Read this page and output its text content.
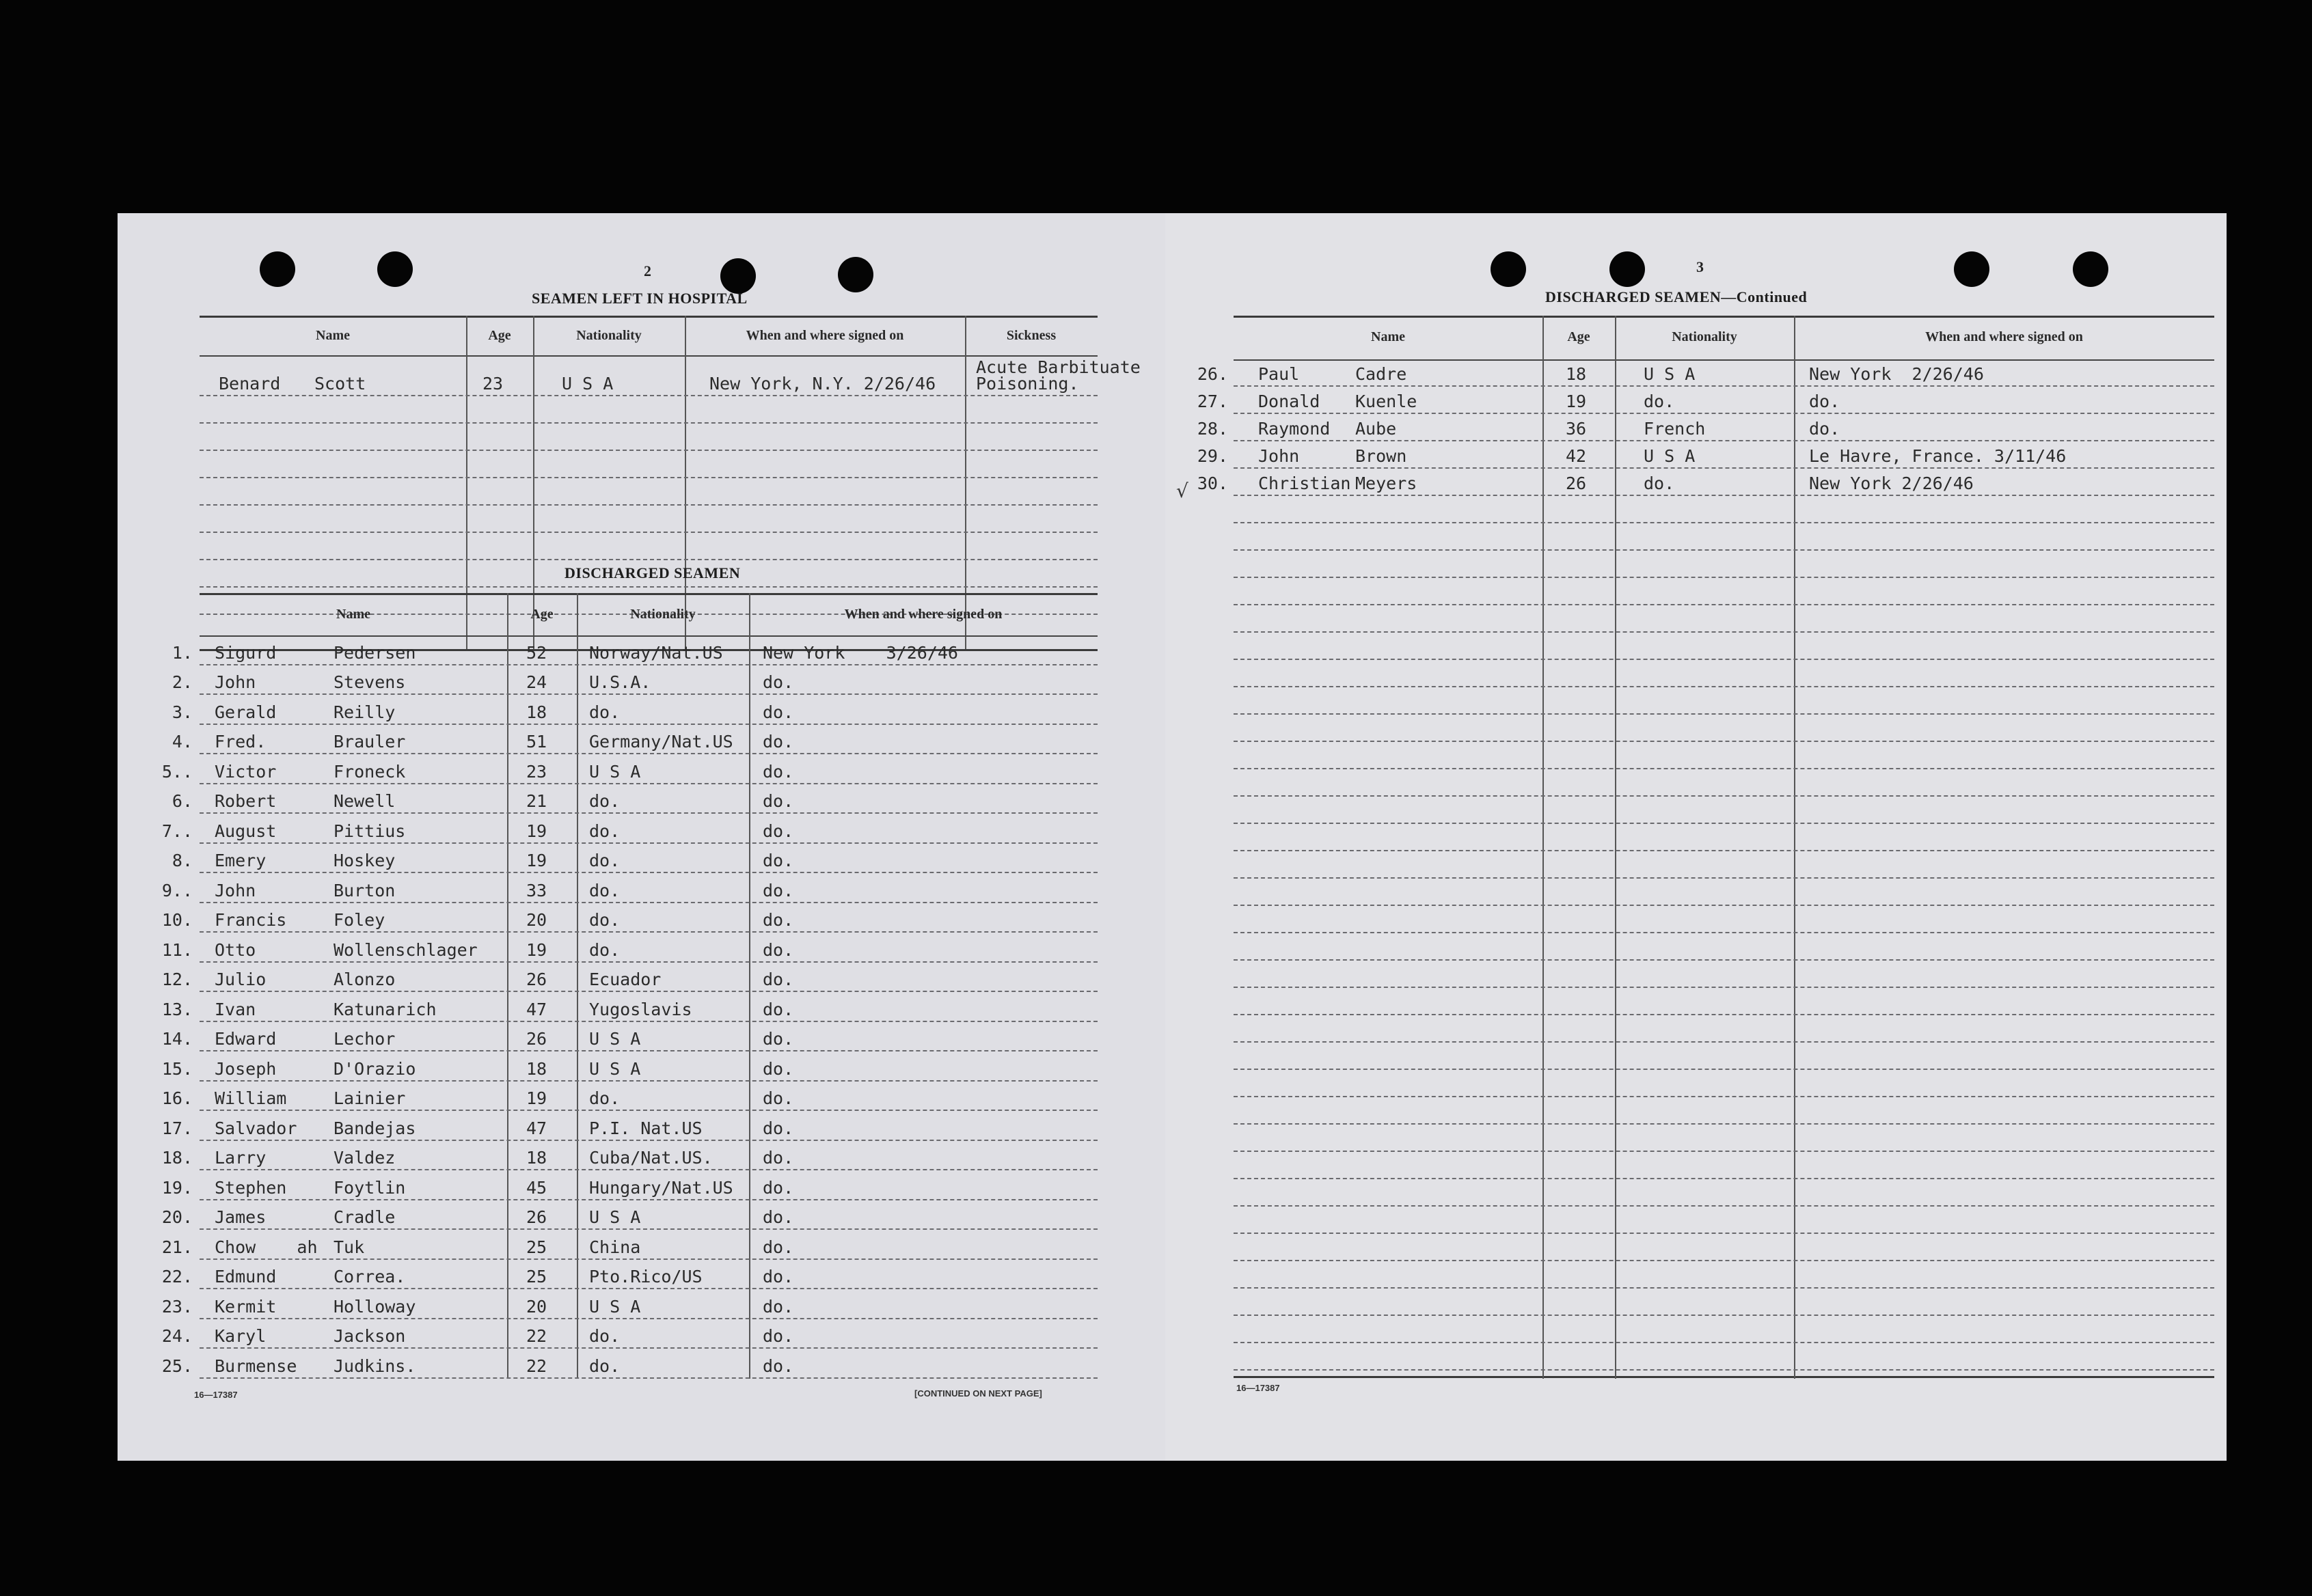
2
SEAMEN LEFT IN HOSPITAL
Name	Age	Nationality	When and where signed on	Sickness
Benard Scott	23	U S A	New York, N.Y. 2/26/46
Acute Barbituate
Poisoning.
DISCHARGED SEAMEN
Name	Age	Nationality	When and where signed on
1. Sigurd	Pedersen	52 Norway/Nat.US New York    3/26/46
2. John	Stevens	24 U.S.A.	do.
3. Gerald	Reilly	18 do.	do.
4. Fred.	Brauler	51 Germany/Nat.US do.
5.. Victor	Froneck	23 U S A	do.
6. Robert	Newell	21 do.	do.
7.. August	Pittius	19 do.	do.
8. Emery	Hoskey	19 do.	do.
9.. John	Burton	33 do.	do.
10. Francis	Foley	20 do.	do.
11. Otto	Wollenschlager	19 do.	do.
12. Julio	Alonzo	26 Ecuador	do.
13. Ivan	Katunarich	47 Yugoslavis	do.
14. Edward	Lechor	26 U S A	do.
15. Joseph	D'Orazio	18 U S A	do.
16. William	Lainier	19 do.	do.
17. Salvador Bandejas	47 P.I. Nat.US	do.
18. Larry	Valdez	18 Cuba/Nat.US.	do.
19. Stephen	Foytlin	45 Hungary/Nat.US do.
20. James	Cradle	26 U S A	do.
21. Chow    ah Tuk	25 China	do.
22. Edmund	Correa.	25 Pto.Rico/US	do.
23. Kermit	Holloway	20 U S A	do.
24. Karyl	Jackson	22 do.	do.
25. Burmense Judkins.	22 do.	do.
16—17387	[CONTINUED ON NEXT PAGE]
3
DISCHARGED SEAMEN—Continued
Name	Age	Nationality	When and where signed on
26. Paul	Cadre	18	U S A	New York  2/26/46
27. Donald Kuenle	19	do.	do.
28. Raymond Aube	36	French	do.
29. John	Brown	42	U S A	Le Havre, France. 3/11/46
30. Christian Meyers	26	do.	New York 2/26/46
√
16—17387
